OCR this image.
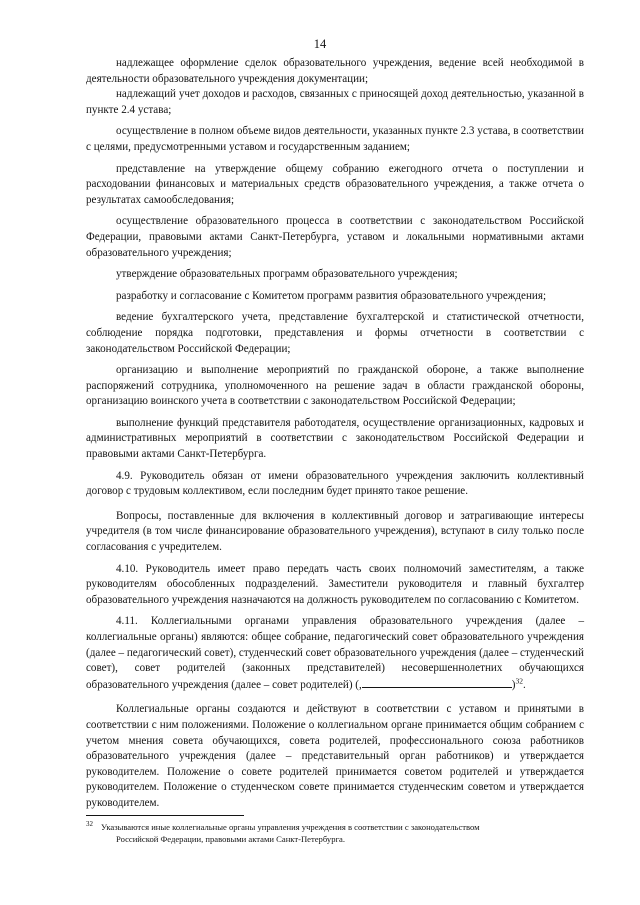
14

надлежащее оформление сделок образовательного учреждения, ведение всей необходимой в деятельности образовательного учреждения документации;

надлежащий учет доходов и расходов, связанных с приносящей доход деятельностью, указанной в пункте 2.4 устава;

осуществление в полном объеме видов деятельности, указанных пункте 2.3 устава, в соответствии с целями, предусмотренными уставом и государственным заданием;

представление на утверждение общему собранию ежегодного отчета о поступлении и расходовании финансовых и материальных средств образовательного учреждения, а также отчета о результатах самообследования;

осуществление образовательного процесса в соответствии с законодательством Российской Федерации, правовыми актами Санкт-Петербурга, уставом и локальными нормативными актами образовательного учреждения;

утверждение образовательных программ образовательного учреждения;

разработку и согласование с Комитетом программ развития образовательного учреждения;

ведение бухгалтерского учета, представление бухгалтерской и статистической отчетности, соблюдение порядка подготовки, представления и формы отчетности в соответствии с законодательством Российской Федерации;

организацию и выполнение мероприятий по гражданской обороне, а также выполнение распоряжений сотрудника, уполномоченного на решение задач в области гражданской обороны, организацию воинского учета в соответствии с законодательством Российской Федерации;

выполнение функций представителя работодателя, осуществление организационных, кадровых и административных мероприятий в соответствии с законодательством Российской Федерации и правовыми актами Санкт-Петербурга.

4.9. Руководитель обязан от имени образовательного учреждения заключить коллективный договор с трудовым коллективом, если последним будет принято такое решение.

Вопросы, поставленные для включения в коллективный договор и затрагивающие интересы учредителя (в том числе финансирование образовательного учреждения), вступают в силу только после согласования с учредителем.

4.10. Руководитель имеет право передать часть своих полномочий заместителям, а также руководителям обособленных подразделений. Заместители руководителя и главный бухгалтер образовательного учреждения назначаются на должность руководителем по согласованию с Комитетом.

4.11. Коллегиальными органами управления образовательного учреждения (далее – коллегиальные органы) являются: общее собрание, педагогический совет образовательного учреждения (далее – педагогический совет), студенческий совет образовательного учреждения (далее – студенческий совет), совет родителей (законных представителей) несовершеннолетних обучающихся образовательного учреждения (далее – совет родителей) (,	)$^{32}$.

Коллегиальные органы создаются и действуют в соответствии с уставом и принятыми в соответствии с ним положениями. Положение о коллегиальном органе принимается общим собранием с учетом мнения совета обучающихся, совета родителей, профессионального союза работников образовательного учреждения (далее – представительный орган работников) и утверждается руководителем. Положение о совете родителей принимается советом родителей и утверждается руководителем. Положение о студенческом совете принимается студенческим советом и утверждается руководителем.

$^{32}$ Указываются иные коллегиальные органы управления учреждения в соответствии с законодательством
Российской Федерации, правовыми актами Санкт-Петербурга.
